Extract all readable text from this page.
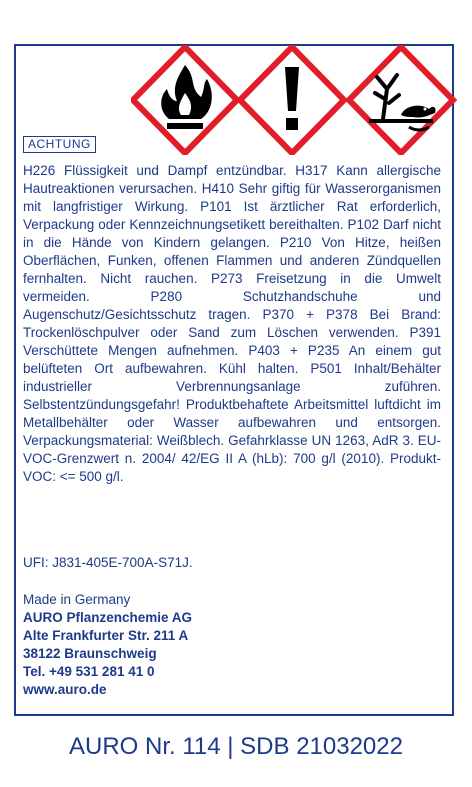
ACHTUNG

H226 Flüssigkeit und Dampf entzündbar. H317 Kann allergische Hautreaktionen verursachen. H410 Sehr giftig für Wasserorganismen mit langfristiger Wirkung. P101 Ist ärztlicher Rat erforderlich, Verpackung oder Kennzeichnungsetikett bereithalten. P102 Darf nicht in die Hände von Kindern gelangen. P210 Von Hitze, heißen Oberflächen, Funken, offenen Flammen und anderen Zündquellen fernhalten. Nicht rauchen. P273 Freisetzung in die Umwelt vermeiden. P280 Schutzhandschuhe und Augenschutz/Gesichtsschutz tragen. P370 + P378 Bei Brand: Trockenlöschpulver oder Sand zum Löschen verwenden. P391 Verschüttete Mengen aufnehmen. P403 + P235 An einem gut belüfteten Ort aufbewahren. Kühl halten. P501 Inhalt/Behälter industrieller Verbrennungsanlage zuführen. Selbstentzündungsgefahr! Produktbehaftete Arbeitsmittel luftdicht im Metallbehälter oder Wasser aufbewahren und entsorgen. Verpackungsmaterial: Weißblech. Gefahrklasse UN 1263, AdR 3. EU-VOC-Grenzwert n. 2004/ 42/EG II A (hLb): 700 g/l (2010). Produkt-VOC: <= 500 g/l.

UFI: J831-405E-700A-S71J.
Made in Germany
AURO Pflanzenchemie AG
Alte Frankfurter Str. 211 A
38122 Braunschweig
Tel. +49 531 281 41 0
www.auro.de
AURO Nr. 114 | SDB 21032022
